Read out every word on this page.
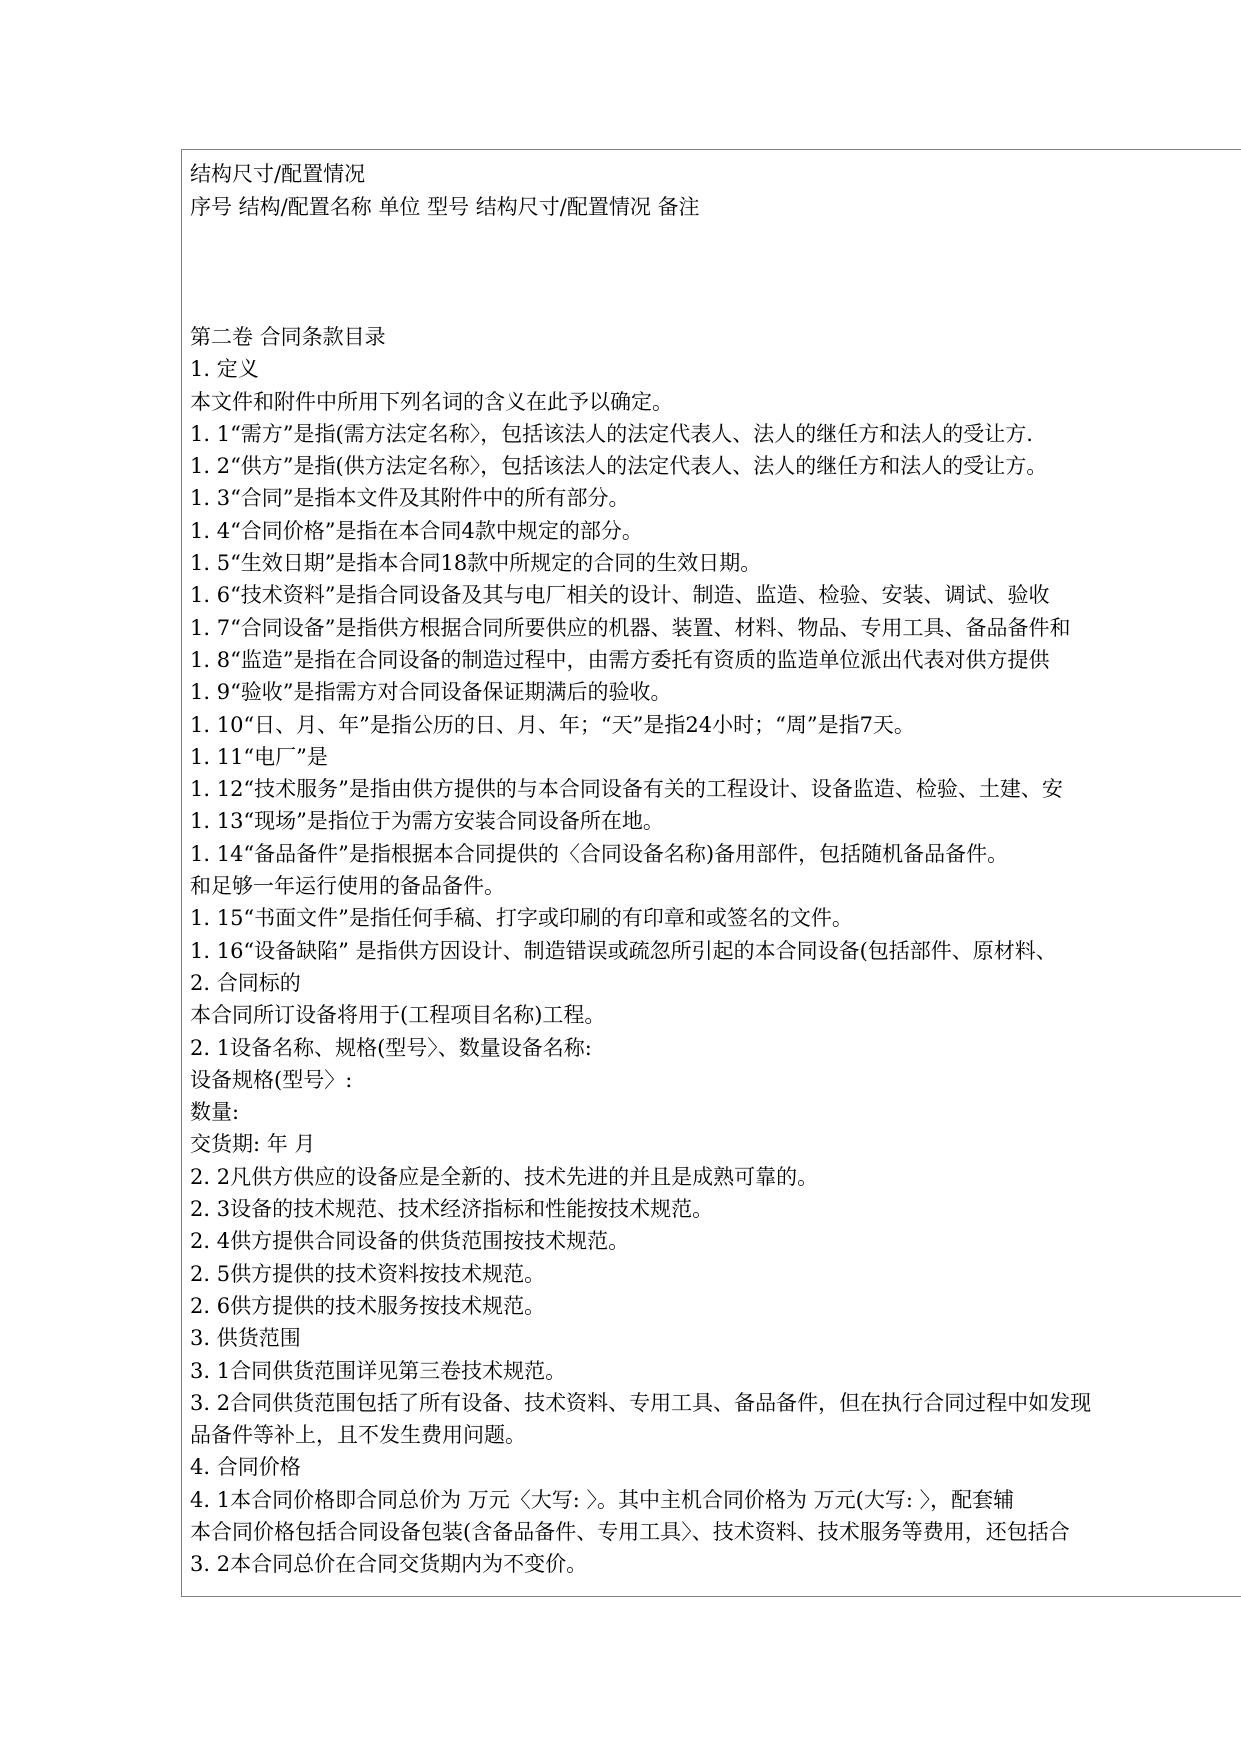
结构尺寸/配置情况
序号 结构/配置名称 单位 型号 结构尺寸/配置情况 备注
第二卷 合同条款目录
1. 定义
本文件和附件中所用下列名词的含义在此予以确定。
1. 1“需方”是指(需方法定名称〉，包括该法人的法定代表人、法人的继任方和法人的受让方.
1. 2“供方”是指(供方法定名称〉，包括该法人的法定代表人、法人的继任方和法人的受让方。
1. 3“合同”是指本文件及其附件中的所有部分。
1. 4“合同价格”是指在本合同4款中规定的部分。
1. 5“生效日期”是指本合同18款中所规定的合同的生效日期。
1. 6“技术资料”是指合同设备及其与电厂相关的设计、制造、监造、检验、安装、调试、验收
1. 7“合同设备”是指供方根据合同所要供应的机器、装置、材料、物品、专用工具、备品备件和
1. 8“监造”是指在合同设备的制造过程中，由需方委托有资质的监造单位派出代表对供方提供
1. 9“验收”是指需方对合同设备保证期满后的验收。
1. 10“日、月、年”是指公历的日、月、年；“天”是指24小时；“周”是指7天。
1. 11“电厂”是
1. 12“技术服务”是指由供方提供的与本合同设备有关的工程设计、设备监造、检验、土建、安
1. 13“现场”是指位于为需方安装合同设备所在地。
1. 14“备品备件”是指根据本合同提供的〈合同设备名称)备用部件，包括随机备品备件。
和足够一年运行使用的备品备件。
1. 15“书面文件”是指任何手稿、打字或印刷的有印章和或签名的文件。
1. 16“设备缺陷” 是指供方因设计、制造错误或疏忽所引起的本合同设备(包括部件、原材料、
2. 合同标的
本合同所订设备将用于(工程项目名称)工程。
2. 1设备名称、规格(型号〉、数量设备名称:
设备规格(型号〉:
数量:
交货期: 年 月
2. 2凡供方供应的设备应是全新的、技术先进的并且是成熟可靠的。
2. 3设备的技术规范、技术经济指标和性能按技术规范。
2. 4供方提供合同设备的供货范围按技术规范。
2. 5供方提供的技术资料按技术规范。
2. 6供方提供的技术服务按技术规范。
3. 供货范围
3. 1合同供货范围详见第三卷技术规范。
3. 2合同供货范围包括了所有设备、技术资料、专用工具、备品备件，但在执行合同过程中如发现
品备件等补上，且不发生费用问题。
4. 合同价格
4. 1本合同价格即合同总价为 万元〈大写: 〉。其中主机合同价格为 万元(大写: 〉，配套辅
本合同价格包括合同设备包装(含备品备件、专用工具〉、技术资料、技术服务等费用，还包括合
3. 2本合同总价在合同交货期内为不变价。
